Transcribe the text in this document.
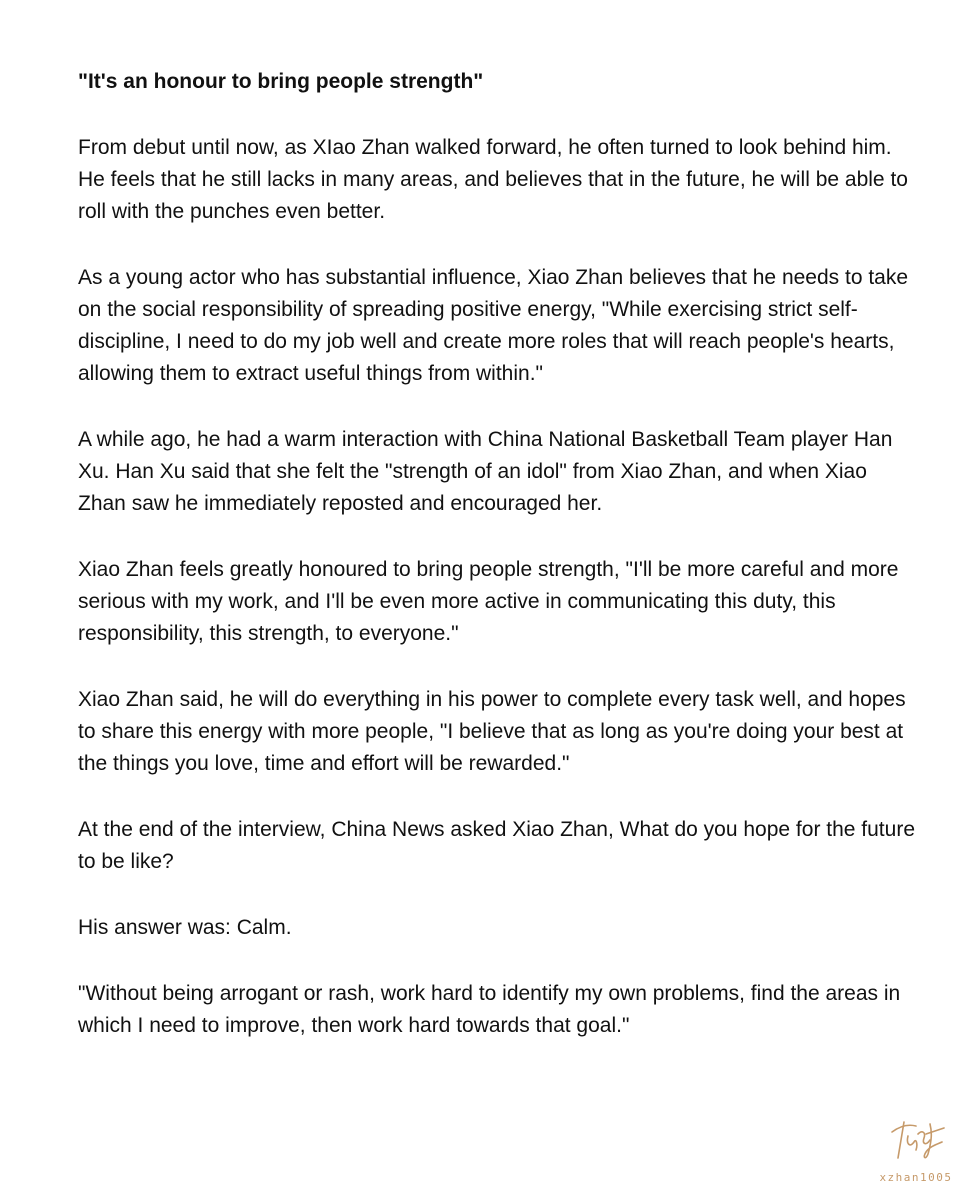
"It's an honour to bring people strength"

From debut until now, as XIao Zhan walked forward, he often turned to look behind him. He feels that he still lacks in many areas, and believes that in the future, he will be able to roll with the punches even better.

As a young actor who has substantial influence, Xiao Zhan believes that he needs to take on the social responsibility of spreading positive energy, "While exercising strict self-discipline, I need to do my job well and create more roles that will reach people's hearts, allowing them to extract useful things from within."

A while ago, he had a warm interaction with China National Basketball Team player Han Xu. Han Xu said that she felt the "strength of an idol" from Xiao Zhan, and when Xiao Zhan saw he immediately reposted and encouraged her.

Xiao Zhan feels greatly honoured to bring people strength, "I'll be more careful and more serious with my work, and I'll be even more active in communicating this duty, this responsibility, this strength, to everyone."

Xiao Zhan said, he will do everything in his power to complete every task well, and hopes to share this energy with more people, "I believe that as long as you're doing your best at the things you love, time and effort will be rewarded."

At the end of the interview, China News asked Xiao Zhan, What do you hope for the future to be like?

His answer was: Calm.

"Without being arrogant or rash, work hard to identify my own problems, find the areas in which I need to improve, then work hard towards that goal."

xzhan1005
